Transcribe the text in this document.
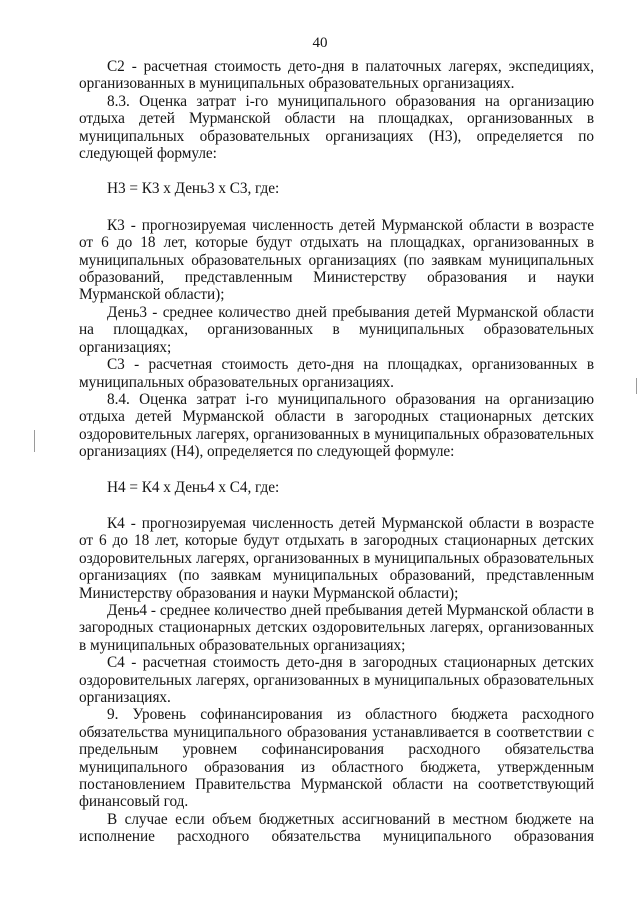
40

С2 - расчетная стоимость дето-дня в палаточных лагерях, экспедициях, организованных в муниципальных образовательных организациях.

8.3. Оценка затрат i-го муниципального образования на организацию отдыха детей Мурманской области на площадках, организованных в муниципальных образовательных организациях (Н3), определяется по следующей формуле:

Н3 = К3 х День3 х С3, где:

К3 - прогнозируемая численность детей Мурманской области в возрасте от 6 до 18 лет, которые будут отдыхать на площадках, организованных в муниципальных образовательных организациях (по заявкам муниципальных образований, представленным Министерству образования и науки Мурманской области);

День3 - среднее количество дней пребывания детей Мурманской области на площадках, организованных в муниципальных образовательных организациях;

С3 - расчетная стоимость дето-дня на площадках, организованных в муниципальных образовательных организациях.

8.4. Оценка затрат i-го муниципального образования на организацию отдыха детей Мурманской области в загородных стационарных детских оздоровительных лагерях, организованных в муниципальных образовательных организациях (Н4), определяется по следующей формуле:

Н4 = К4 х День4 х С4, где:

К4 - прогнозируемая численность детей Мурманской области в возрасте от 6 до 18 лет, которые будут отдыхать в загородных стационарных детских оздоровительных лагерях, организованных в муниципальных образовательных организациях (по заявкам муниципальных образований, представленным Министерству образования и науки Мурманской области);

День4 - среднее количество дней пребывания детей Мурманской области в загородных стационарных детских оздоровительных лагерях, организованных в муниципальных образовательных организациях;

С4 - расчетная стоимость дето-дня в загородных стационарных детских оздоровительных лагерях, организованных в муниципальных образовательных организациях.

9. Уровень софинансирования из областного бюджета расходного обязательства муниципального образования устанавливается в соответствии с предельным уровнем софинансирования расходного обязательства муниципального образования из областного бюджета, утвержденным постановлением Правительства Мурманской области на соответствующий финансовый год.

В случае если объем бюджетных ассигнований в местном бюджете на исполнение расходного обязательства муниципального образования
